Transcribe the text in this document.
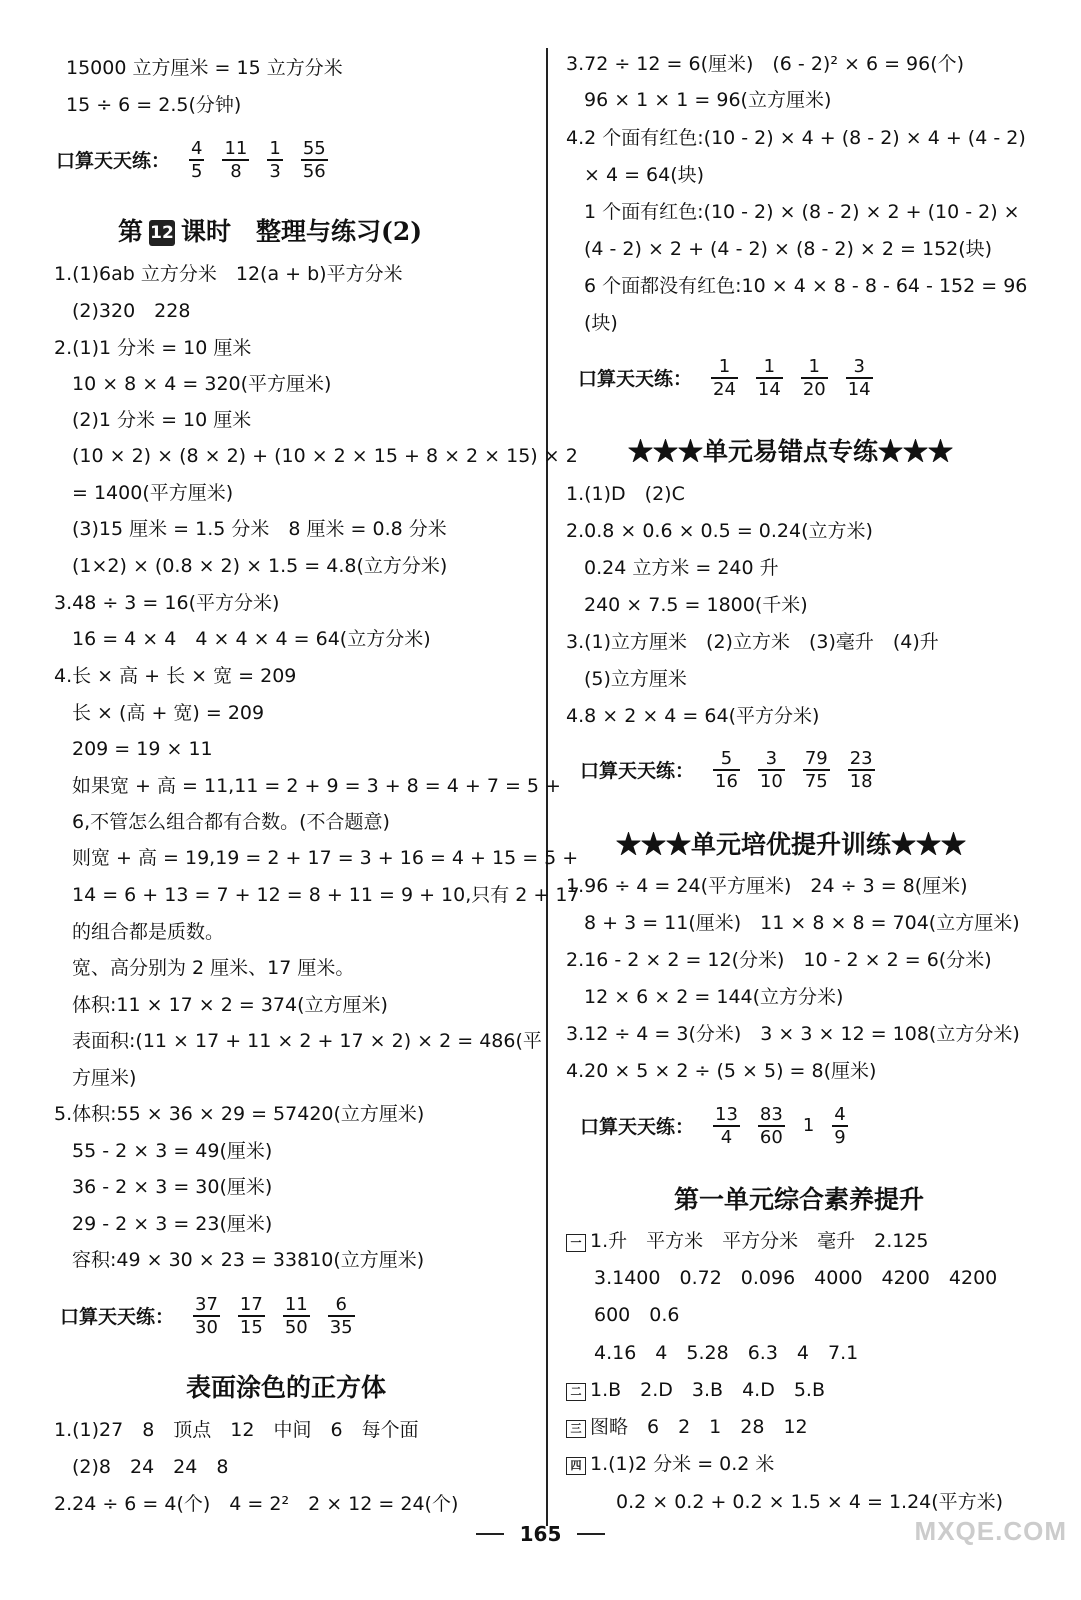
15000 立方厘米 = 15 立方分米
15 ÷ 6 = 2.5(分钟)
口算天天练： $\frac{4}{5} \frac{11}{8} \frac{1}{3} \frac{55}{56}$
第 12 课时　整理与练习(2)
1.(1)6ab 立方分米　12(a + b)平方分米
(2)320　228
2.(1)1 分米 = 10 厘米
10 × 8 × 4 = 320(平方厘米)
(2)1 分米 = 10 厘米
(10 × 2) × (8 × 2) + (10 × 2 × 15 + 8 × 2 × 15) × 2
= 1400(平方厘米)
(3)15 厘米 = 1.5 分米　8 厘米 = 0.8 分米
(1×2) × (0.8 × 2) × 1.5 = 4.8(立方分米)
3.48 ÷ 3 = 16(平方分米)
16 = 4 × 4　4 × 4 × 4 = 64(立方分米)
4.长 × 高 + 长 × 宽 = 209
长 × (高 + 宽) = 209
209 = 19 × 11
如果宽 + 高 = 11,11 = 2 + 9 = 3 + 8 = 4 + 7 = 5 +
6,不管怎么组合都有合数。(不合题意)
则宽 + 高 = 19,19 = 2 + 17 = 3 + 16 = 4 + 15 = 5 +
14 = 6 + 13 = 7 + 12 = 8 + 11 = 9 + 10,只有 2 + 17
的组合都是质数。
宽、高分别为 2 厘米、17 厘米。
体积:11 × 17 × 2 = 374(立方厘米)
表面积:(11 × 17 + 11 × 2 + 17 × 2) × 2 = 486(平
方厘米)
5.体积:55 × 36 × 29 = 57420(立方厘米)
55 - 2 × 3 = 49(厘米)
36 - 2 × 3 = 30(厘米)
29 - 2 × 3 = 23(厘米)
容积:49 × 30 × 23 = 33810(立方厘米)
口算天天练： $\frac{37}{30} \frac{17}{15} \frac{11}{50} \frac{6}{35}$
表面涂色的正方体
1.(1)27　8　顶点　12　中间　6　每个面
(2)8　24　24　8
2.24 ÷ 6 = 4(个)　4 = 2²　2 × 12 = 24(个)
3.72 ÷ 12 = 6(厘米)　(6 - 2)² × 6 = 96(个)
96 × 1 × 1 = 96(立方厘米)
4.2 个面有红色:(10 - 2) × 4 + (8 - 2) × 4 + (4 - 2)
× 4 = 64(块)
1 个面有红色:(10 - 2) × (8 - 2) × 2 + (10 - 2) ×
(4 - 2) × 2 + (4 - 2) × (8 - 2) × 2 = 152(块)
6 个面都没有红色:10 × 4 × 8 - 8 - 64 - 152 = 96
(块)
口算天天练： $\frac{1}{24} \frac{1}{14} \frac{1}{20} \frac{3}{14}$
★★★单元易错点专练★★★
1.(1)D　(2)C
2.0.8 × 0.6 × 0.5 = 0.24(立方米)
0.24 立方米 = 240 升
240 × 7.5 = 1800(千米)
3.(1)立方厘米　(2)立方米　(3)毫升　(4)升
(5)立方厘米
4.8 × 2 × 4 = 64(平方分米)
口算天天练： $\frac{5}{16} \frac{3}{10} \frac{79}{75} \frac{23}{18}$
★★★单元培优提升训练★★★
1.96 ÷ 4 = 24(平方厘米)　24 ÷ 3 = 8(厘米)
8 + 3 = 11(厘米)　11 × 8 × 8 = 704(立方厘米)
2.16 - 2 × 2 = 12(分米)　10 - 2 × 2 = 6(分米)
12 × 6 × 2 = 144(立方分米)
3.12 ÷ 4 = 3(分米)　3 × 3 × 12 = 108(立方分米)
4.20 × 5 × 2 ÷ (5 × 5) = 8(厘米)
口算天天练： $\frac{13}{4} \frac{83}{60} 1 \frac{4}{9}$
第一单元综合素养提升
一 1.升　平方米　平方分米　毫升　2.125
3.1400　0.72　0.096　4000　4200　4200
600　0.6
4.16　4　5.28　6.3　4　7.1
二 1.B　2.D　3.B　4.D　5.B
三 图略　6　2　1　28　12
四 1.(1)2 分米 = 0.2 米
0.2 × 0.2 + 0.2 × 1.5 × 4 = 1.24(平方米)
165	MXQE.COM
